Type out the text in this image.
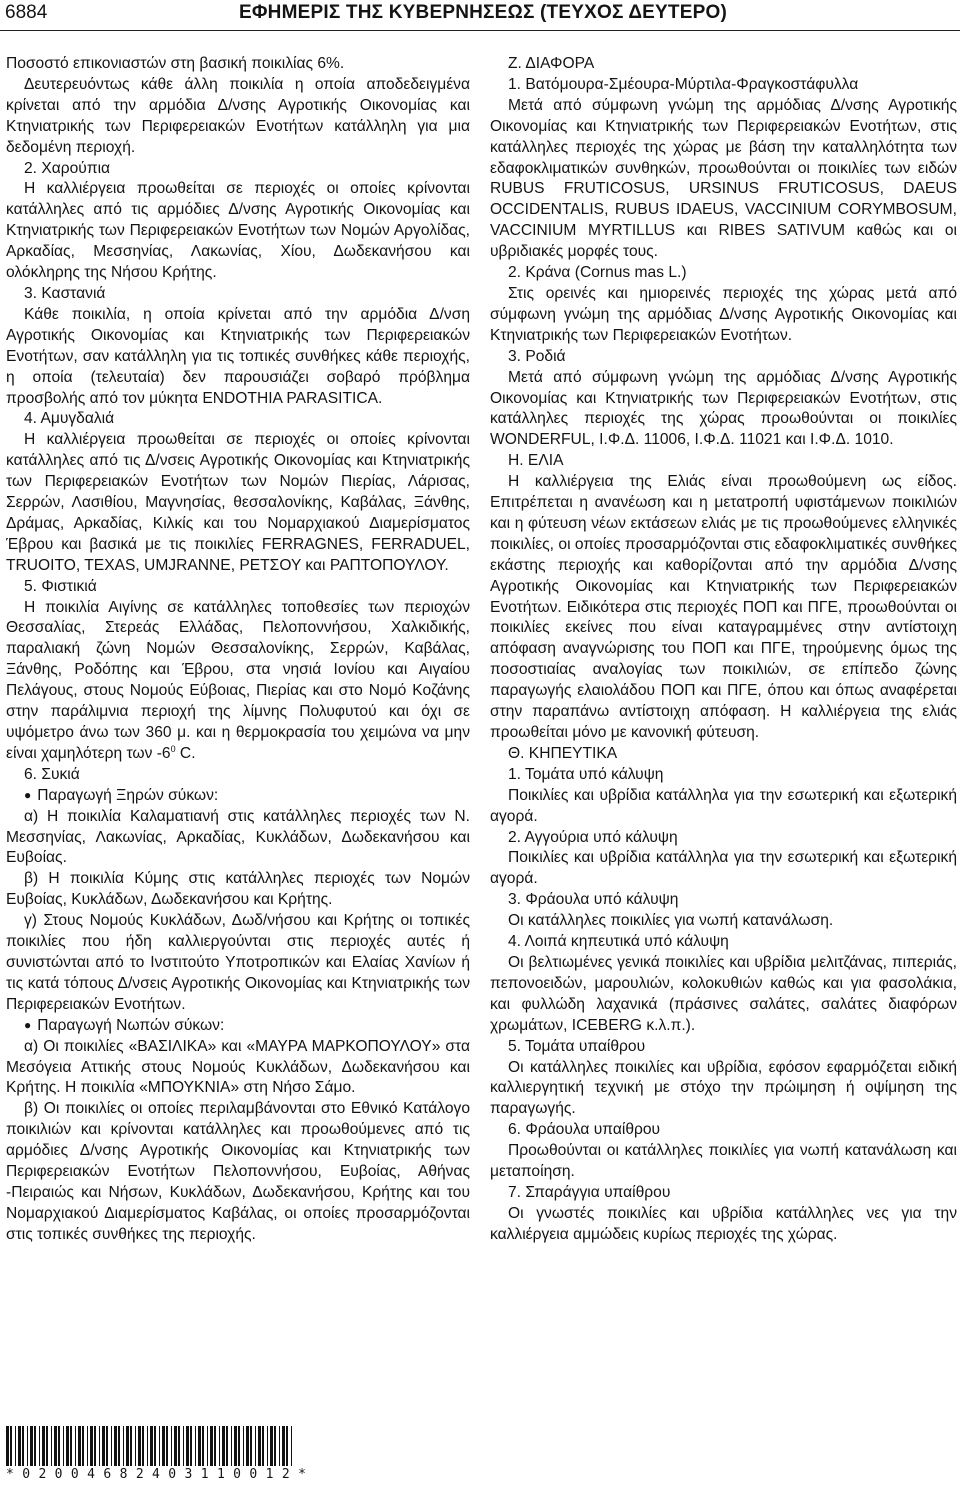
6884	ΕΦΗΜΕΡΙΣ ΤΗΣ ΚΥΒΕΡΝΗΣΕΩΣ (ΤΕΥΧΟΣ ΔΕΥΤΕΡΟ)

Ποσοστό επικονιαστών στη βασική ποικιλίας 6%.

Δευτερευόντως κάθε άλλη ποικιλία η οποία αποδεδειγμένα κρίνεται από την αρμόδια Δ/νσης Αγροτικής Οικονομίας και Κτηνιατρικής των Περιφερειακών Ενοτήτων κατάλληλη για μια δεδομένη περιοχή.

2. Χαρούπια

Η καλλιέργεια προωθείται σε περιοχές οι οποίες κρίνονται κατάλληλες από τις αρμόδιες Δ/νσης Αγροτικής Οικονομίας και Κτηνιατρικής των Περιφερειακών Ενοτήτων των Νομών Αργολίδας, Αρκαδίας, Μεσσηνίας, Λακωνίας, Χίου, Δωδεκανήσου και ολόκληρης της Νήσου Κρήτης.

3. Καστανιά

Κάθε ποικιλία, η οποία κρίνεται από την αρμόδια Δ/νση Αγροτικής Οικονομίας και Κτηνιατρικής των Περιφερειακών Ενοτήτων, σαν κατάλληλη για τις τοπικές συνθήκες κάθε περιοχής, η οποία (τελευταία) δεν παρουσιάζει σοβαρό πρόβλημα προσβολής από τον μύκητα ENDOTHIA PARASITICA.

4. Αμυγδαλιά

Η καλλιέργεια προωθείται σε περιοχές οι οποίες κρίνονται κατάλληλες από τις Δ/νσεις Αγροτικής Οικονομίας και Κτηνιατρικής των Περιφερειακών Ενοτήτων των Νομών Πιερίας, Λάρισας, Σερρών, Λασιθίου, Μαγνησίας, θεσσαλονίκης, Καβάλας, Ξάνθης, Δράμας, Αρκαδίας, Κιλκίς και του Νομαρχιακού Διαμερίσματος Έβρου και βασικά με τις ποικιλίες FERRAGNES, FERRADUEL, TRUOITO, TEXAS, UMJRANNE, ΡΕΤΣΟΥ και ΡΑΠΤΟΠΟΥΛΟΥ.

5. Φιστικιά

Η ποικιλία Αιγίνης σε κατάλληλες τοποθεσίες των περιοχών Θεσσαλίας, Στερεάς Ελλάδας, Πελοποννήσου, Χαλκιδικής, παραλιακή ζώνη Νομών Θεσσαλονίκης, Σερρών, Καβάλας, Ξάνθης, Ροδόπης και Έβρου, στα νησιά Ιονίου και Αιγαίου Πελάγους, στους Νομούς Εύβοιας, Πιερίας και στο Νομό Κοζάνης στην παράλιμνια περιοχή της λίμνης Πολυφυτού και όχι σε υψόμετρο άνω των 360 μ. και η θερμοκρασία του χειμώνα να μην είναι χαμηλότερη των $-6^0$ C.

6. Συκιά

● Παραγωγή Ξηρών σύκων:

α) Η ποικιλία Καλαματιανή στις κατάλληλες περιοχές των Ν. Μεσσηνίας, Λακωνίας, Αρκαδίας, Κυκλάδων, Δωδεκανήσου και Ευβοίας.

β) Η ποικιλία Κύμης στις κατάλληλες περιοχές των Νομών Ευβοίας, Κυκλάδων, Δωδεκανήσου και Κρήτης.

γ) Στους Νομούς Κυκλάδων, Δωδ/νήσου και Κρήτης οι τοπικές ποικιλίες που ήδη καλλιεργούνται στις περιοχές αυτές ή συνιστώνται από το Ινστιτούτο Υποτροπικών και Ελαίας Χανίων ή τις κατά τόπους Δ/νσεις Αγροτικής Οικονομίας και Κτηνιατρικής των Περιφερειακών Ενοτήτων.

● Παραγωγή Νωπών σύκων:

α) Οι ποικιλίες «ΒΑΣΙΛΙΚΑ» και «ΜΑΥΡΑ ΜΑΡΚΟΠΟΥΛΟΥ» στα Μεσόγεια Αττικής στους Νομούς Κυκλάδων, Δωδεκανήσου και Κρήτης. Η ποικιλία «ΜΠΟΥΚΝΙΑ» στη Νήσο Σάμο.

β) Οι ποικιλίες οι οποίες περιλαμβάνονται στο Εθνικό Κατάλογο ποικιλιών και κρίνονται κατάλληλες και προωθούμενες από τις αρμόδιες Δ/νσης Αγροτικής Οικονομίας και Κτηνιατρικής των Περιφερειακών Ενοτήτων Πελοποννήσου, Ευβοίας, Αθήνας -Πειραιώς και Νήσων, Κυκλάδων, Δωδεκανήσου, Κρήτης και του Νομαρχιακού Διαμερίσματος Καβάλας, οι οποίες προσαρμόζονται στις τοπικές συνθήκες της περιοχής.

Ζ. ΔΙΑΦΟΡΑ

1. Βατόμουρα-Σμέουρα-Μύρτιλα-Φραγκοστάφυλλα

Μετά από σύμφωνη γνώμη της αρμόδιας Δ/νσης Αγροτικής Οικονομίας και Κτηνιατρικής των Περιφερειακών Ενοτήτων, στις κατάλληλες περιοχές της χώρας με βάση την καταλληλότητα των εδαφοκλιματικών συνθηκών, προωθούνται οι ποικιλίες των ειδών RUBUS FRUTICOSUS, URSINUS FRUTICOSUS, DAEUS OCCIDENTALIS, RUBUS IDAEUS, VACCINIUM CORYMBOSUM, VACCINIUM MYRTILLUS και RIBES SATIVUM καθώς και οι υβριδιακές μορφές τους.

2. Κράνα (Cornus mas L.)

Στις ορεινές και ημιορεινές περιοχές της χώρας μετά από σύμφωνη γνώμη της αρμόδιας Δ/νσης Αγροτικής Οικονομίας και Κτηνιατρικής των Περιφερειακών Ενοτήτων.

3. Ροδιά

Μετά από σύμφωνη γνώμη της αρμόδιας Δ/νσης Αγροτικής Οικονομίας και Κτηνιατρικής των Περιφερειακών Ενοτήτων, στις κατάλληλες περιοχές της χώρας προωθούνται οι ποικιλίες WONDERFUL, Ι.Φ.Δ. 11006, Ι.Φ.Δ. 11021 και Ι.Φ.Δ. 1010.

Η. ΕΛΙΑ

Η καλλιέργεια της Ελιάς είναι προωθούμενη ως είδος. Επιτρέπεται η ανανέωση και η μετατροπή υφιστάμενων ποικιλιών και η φύτευση νέων εκτάσεων ελιάς με τις προωθούμενες ελληνικές ποικιλίες, οι οποίες προσαρμόζονται στις εδαφοκλιματικές συνθήκες εκάστης περιοχής και καθορίζονται από την αρμόδια Δ/νσης Αγροτικής Οικονομίας και Κτηνιατρικής των Περιφερειακών Ενοτήτων. Ειδικότερα στις περιοχές ΠΟΠ και ΠΓΕ, προωθούνται οι ποικιλίες εκείνες που είναι καταγραμμένες στην αντίστοιχη απόφαση αναγνώρισης του ΠΟΠ και ΠΓΕ, τηρούμενης όμως της ποσοστιαίας αναλογίας των ποικιλιών, σε επίπεδο ζώνης παραγωγής ελαιολάδου ΠΟΠ και ΠΓΕ, όπου και όπως αναφέρεται στην παραπάνω αντίστοιχη απόφαση. Η καλλιέργεια της ελιάς προωθείται μόνο με κανονική φύτευση.

Θ. ΚΗΠΕΥΤΙΚΑ

1. Τομάτα υπό κάλυψη

Ποικιλίες και υβρίδια κατάλληλα για την εσωτερική και εξωτερική αγορά.

2. Αγγούρια υπό κάλυψη

Ποικιλίες και υβρίδια κατάλληλα για την εσωτερική και εξωτερική αγορά.

3. Φράουλα υπό κάλυψη

Οι κατάλληλες ποικιλίες για νωπή κατανάλωση.

4. Λοιπά κηπευτικά υπό κάλυψη

Οι βελτιωμένες γενικά ποικιλίες και υβρίδια μελιτζάνας, πιπεριάς, πεπονοειδών, μαρουλιών, κολοκυθιών καθώς και για φασολάκια, και φυλλώδη λαχανικά (πράσινες σαλάτες, σαλάτες διαφόρων χρωμάτων, ICEBERG κ.λ.π.).

5. Τομάτα υπαίθρου

Οι κατάλληλες ποικιλίες και υβρίδια, εφόσον εφαρμόζεται ειδική καλλιεργητική τεχνική με στόχο την πρώιμηση ή οψίμηση της παραγωγής.

6. Φράουλα υπαίθρου

Προωθούνται οι κατάλληλες ποικιλίες για νωπή κατανάλωση και μεταποίηση.

7. Σπαράγγια υπαίθρου

Οι γνωστές ποικιλίες και υβρίδια κατάλληλες νες για την καλλιέργεια αμμώδεις κυρίως περιοχές της χώρας.

*02004682403110012*
